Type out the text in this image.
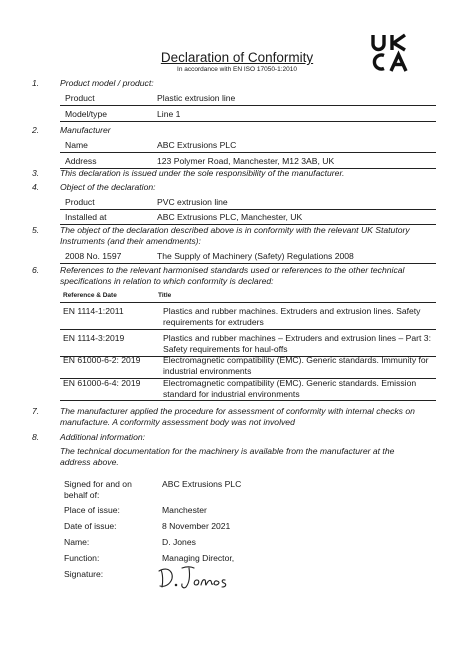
Declaration of Conformity
In accordance with EN ISO 17050-1:2010
1. Product model / product:
Product	Plastic extrusion line
Model/type	Line 1
2. Manufacturer
Name	ABC Extrusions PLC
Address	123 Polymer Road, Manchester, M12 3AB, UK
3. This declaration is issued under the sole responsibility of the manufacturer.
4. Object of the declaration:
Product	PVC extrusion line
Installed at	ABC Extrusions PLC, Manchester, UK
5. The object of the declaration described above is in conformity with the relevant UK Statutory Instruments (and their amendments):
2008 No. 1597	The Supply of Machinery (Safety) Regulations 2008
6. References to the relevant harmonised standards used or references to the other technical specifications in relation to which conformity is declared:
Reference & Date	Title
EN 1114-1:2011	Plastics and rubber machines. Extruders and extrusion lines. Safety requirements for extruders
EN 1114-3:2019	Plastics and rubber machines – Extruders and extrusion lines – Part 3: Safety requirements for haul-offs
EN 61000-6-2: 2019	Electromagnetic compatibility (EMC). Generic standards. Immunity for industrial environments
EN 61000-6-4: 2019	Electromagnetic compatibility (EMC). Generic standards. Emission standard for industrial environments
7. The manufacturer applied the procedure for assessment of conformity with internal checks on manufacture. A conformity assessment body was not involved
8. Additional information:
The technical documentation for the machinery is available from the manufacturer at the address above.
Signed for and on behalf of:
ABC Extrusions PLC
Place of issue:	Manchester
Date of issue:	8 November 2021
Name:	D. Jones
Function:	Managing Director,
Signature:
